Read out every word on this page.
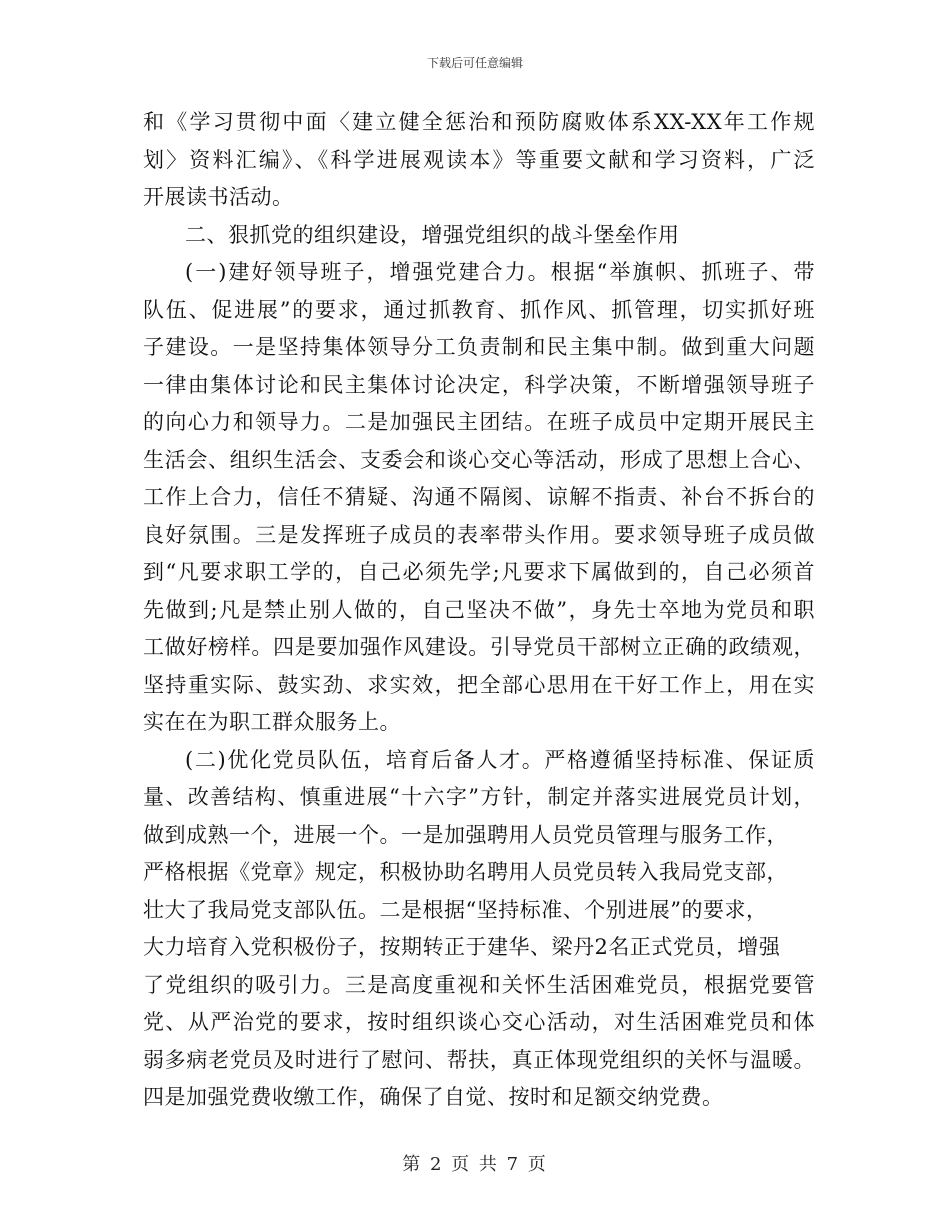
下载后可任意编辑
和《学习贯彻中面〈建立健全惩治和预防腐败体系XX-XX年工作规
划〉资料汇编》、《科学进展观读本》等重要文献和学习资料，广泛
开展读书活动。
二、狠抓党的组织建设，增强党组织的战斗堡垒作用
(一)建好领导班子，增强党建合力。根据“举旗帜、抓班子、带
队伍、促进展”的要求，通过抓教育、抓作风、抓管理，切实抓好班
子建设。一是坚持集体领导分工负责制和民主集中制。做到重大问题
一律由集体讨论和民主集体讨论决定，科学决策，不断增强领导班子
的向心力和领导力。二是加强民主团结。在班子成员中定期开展民主
生活会、组织生活会、支委会和谈心交心等活动，形成了思想上合心、
工作上合力，信任不猜疑、沟通不隔阂、谅解不指责、补台不拆台的
良好氛围。三是发挥班子成员的表率带头作用。要求领导班子成员做
到“凡要求职工学的，自己必须先学;凡要求下属做到的，自己必须首
先做到;凡是禁止别人做的，自己坚决不做”，身先士卒地为党员和职
工做好榜样。四是要加强作风建设。引导党员干部树立正确的政绩观，
坚持重实际、鼓实劲、求实效，把全部心思用在干好工作上，用在实
实在在为职工群众服务上。
(二)优化党员队伍，培育后备人才。严格遵循坚持标准、保证质
量、改善结构、慎重进展“十六字”方针，制定并落实进展党员计划，
做到成熟一个，进展一个。一是加强聘用人员党员管理与服务工作，
严格根据《党章》规定，积极协助名聘用人员党员转入我局党支部，
壮大了我局党支部队伍。二是根据“坚持标准、个别进展”的要求，
大力培育入党积极份子，按期转正于建华、梁丹2名正式党员，增强
了党组织的吸引力。三是高度重视和关怀生活困难党员，根据党要管
党、从严治党的要求，按时组织谈心交心活动，对生活困难党员和体
弱多病老党员及时进行了慰问、帮扶，真正体现党组织的关怀与温暖。
四是加强党费收缴工作，确保了自觉、按时和足额交纳党费。
第 2 页 共 7 页
